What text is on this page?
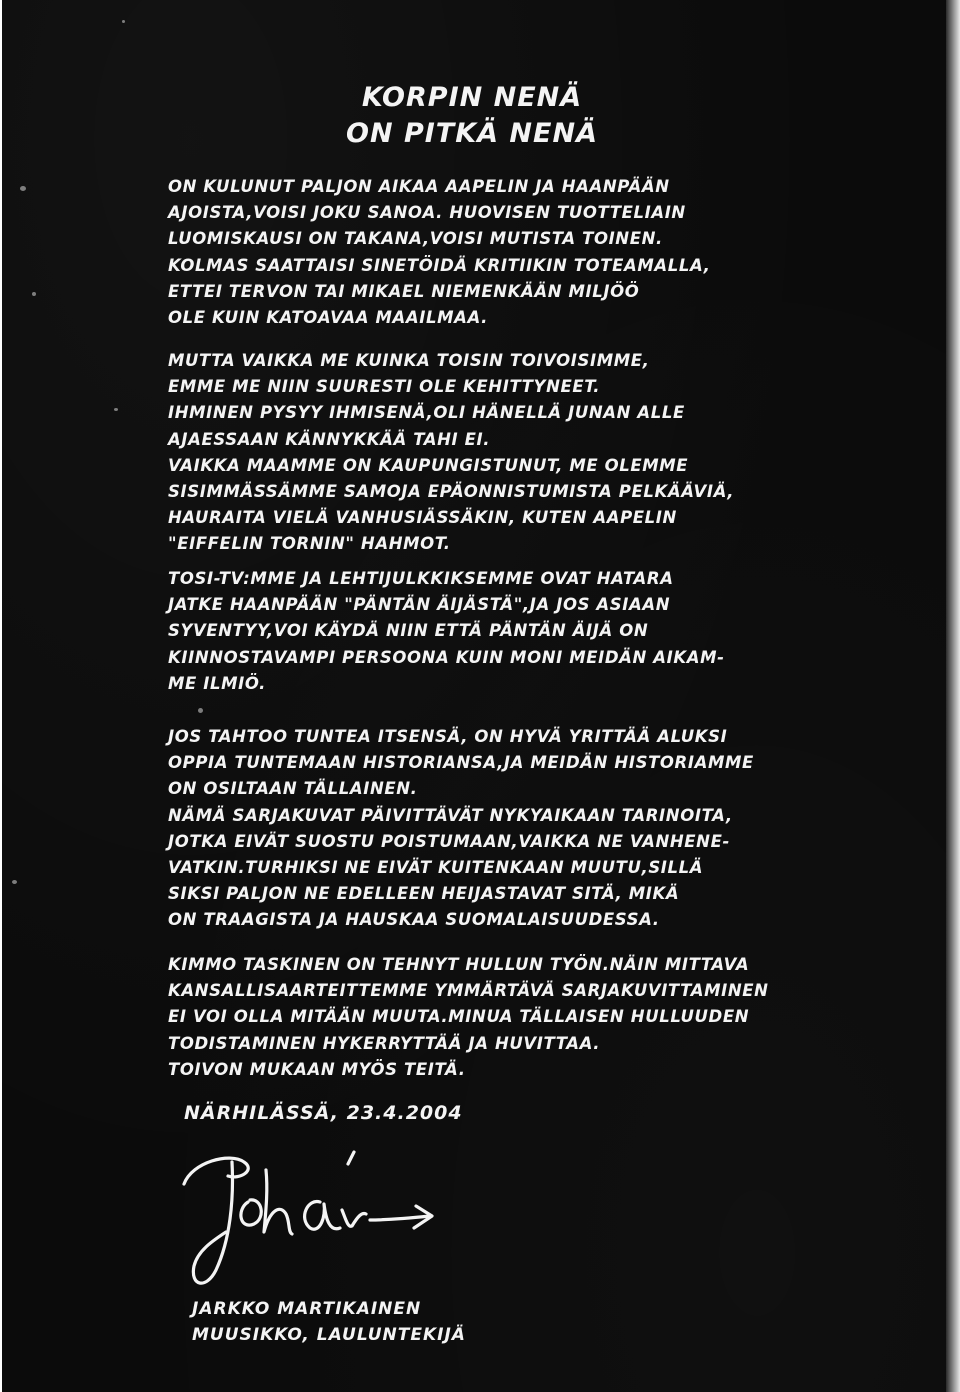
KORPIN NENÄ
ON PITKÄ NENÄ
ON KULUNUT PALJON AIKAA AAPELIN JA HAANPÄÄN
AJOISTA,VOISI JOKU SANOA. HUOVISEN TUOTTELIAIN
LUOMISKAUSI ON TAKANA,VOISI MUTISTA TOINEN.
KOLMAS SAATTAISI SINETÖIDÄ KRITIIKIN TOTEAMALLA,
ETTEI TERVON TAI MIKAEL NIEMENKÄÄN MILJÖÖ
OLE KUIN KATOAVAA MAAILMAA.
MUTTA VAIKKA ME KUINKA TOISIN TOIVOISIMME,
EMME ME NIIN SUURESTI OLE KEHITTYNEET.
IHMINEN PYSYY IHMISENÄ,OLI HÄNELLÄ JUNAN ALLE
AJAESSAAN KÄNNYKKÄÄ TAHI EI.
VAIKKA MAAMME ON KAUPUNGISTUNUT, ME OLEMME
SISIMMÄSSÄMME SAMOJA EPÄONNISTUMISTA PELKÄÄVIÄ,
HAURAITA VIELÄ VANHUSIÄSSÄKIN, KUTEN AAPELIN
"EIFFELIN TORNIN" HAHMOT.
TOSI-TV:MME JA LEHTIJULKKIKSEMME OVAT HATARA
JATKE HAANPÄÄN "PÄNTÄN ÄIJÄSTÄ",JA JOS ASIAAN
SYVENTYY,VOI KÄYDÄ NIIN ETTÄ PÄNTÄN ÄIJÄ ON
KIINNOSTAVAMPI PERSOONA KUIN MONI MEIDÄN AIKAM-
ME ILMIÖ.
JOS TAHTOO TUNTEA ITSENSÄ, ON HYVÄ YRITTÄÄ ALUKSI
OPPIA TUNTEMAAN HISTORIANSA,JA MEIDÄN HISTORIAMME
ON OSILTAAN TÄLLAINEN.
NÄMÄ SARJAKUVAT PÄIVITTÄVÄT NYKYAIKAAN TARINOITA,
JOTKA EIVÄT SUOSTU POISTUMAAN,VAIKKA NE VANHENE-
VATKIN.TURHIKSI NE EIVÄT KUITENKAAN MUUTU,SILLÄ
SIKSI PALJON NE EDELLEEN HEIJASTAVAT SITÄ, MIKÄ
ON TRAAGISTA JA HAUSKAA SUOMALAISUUDESSA.
KIMMO TASKINEN ON TEHNYT HULLUN TYÖN.NÄIN MITTAVA
KANSALLISAARTEITTEMME YMMÄRTÄVÄ SARJAKUVITTAMINEN
EI VOI OLLA MITÄÄN MUUTA.MINUA TÄLLAISEN HULLUUDEN
TODISTAMINEN HYKERRYTTÄÄ JA HUVITTAA.
TOIVON MUKAAN MYÖS TEITÄ.
NÄRHILÄSSÄ, 23.4.2004
JARKKO MARTIKAINEN
MUUSIKKO, LAULUNTEKIJÄ
